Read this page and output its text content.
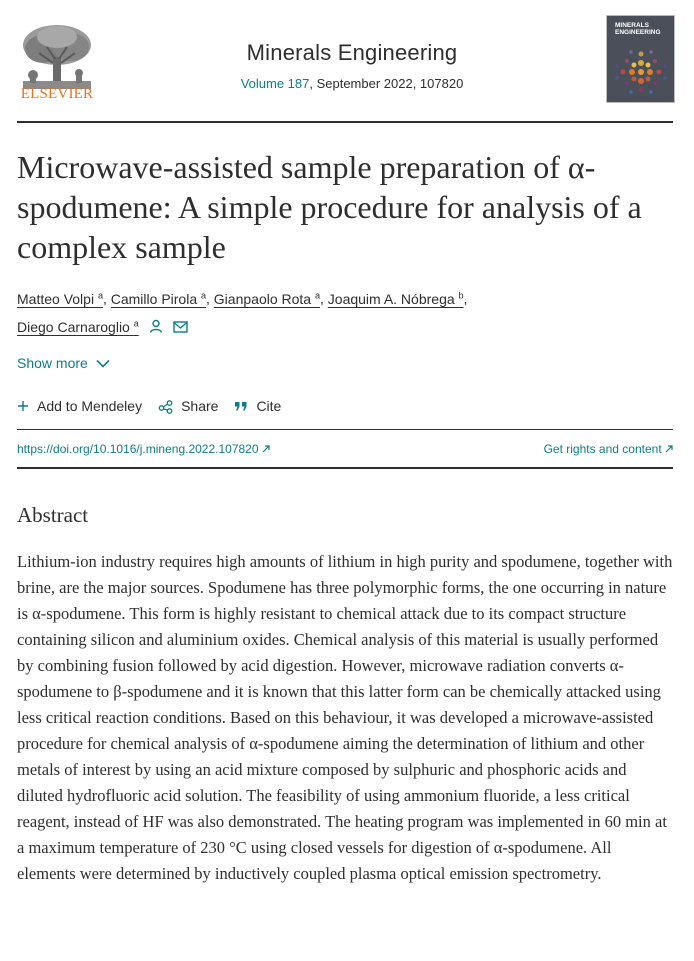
ELSEVIER
Minerals Engineering
Volume 187, September 2022, 107820
MINERALS ENGINEERING
Microwave-assisted sample preparation of α-spodumene: A simple procedure for analysis of a complex sample
Matteo Volpi $^a$, Camillo Pirola $^a$, Gianpaolo Rota $^a$, Joaquim A. Nóbrega $^b$,
Diego Carnaroglio $^a$
Show more
Add to Mendeley	Share	Cite
https://doi.org/10.1016/j.mineng.2022.107820	Get rights and content
Abstract

Lithium-ion industry requires high amounts of lithium in high purity and spodumene, together with brine, are the major sources. Spodumene has three polymorphic forms, the one occurring in nature is α-spodumene. This form is highly resistant to chemical attack due to its compact structure containing silicon and aluminium oxides. Chemical analysis of this material is usually performed by combining fusion followed by acid digestion. However, microwave radiation converts α-spodumene to β-spodumene and it is known that this latter form can be chemically attacked using less critical reaction conditions. Based on this behaviour, it was developed a microwave-assisted procedure for chemical analysis of α-spodumene aiming the determination of lithium and other metals of interest by using an acid mixture composed by sulphuric and phosphoric acids and diluted hydrofluoric acid solution. The feasibility of using ammonium fluoride, a less critical reagent, instead of HF was also demonstrated. The heating program was implemented in 60 min at a maximum temperature of 230 °C using closed vessels for digestion of α-spodumene. All elements were determined by inductively coupled plasma optical emission spectrometry.
